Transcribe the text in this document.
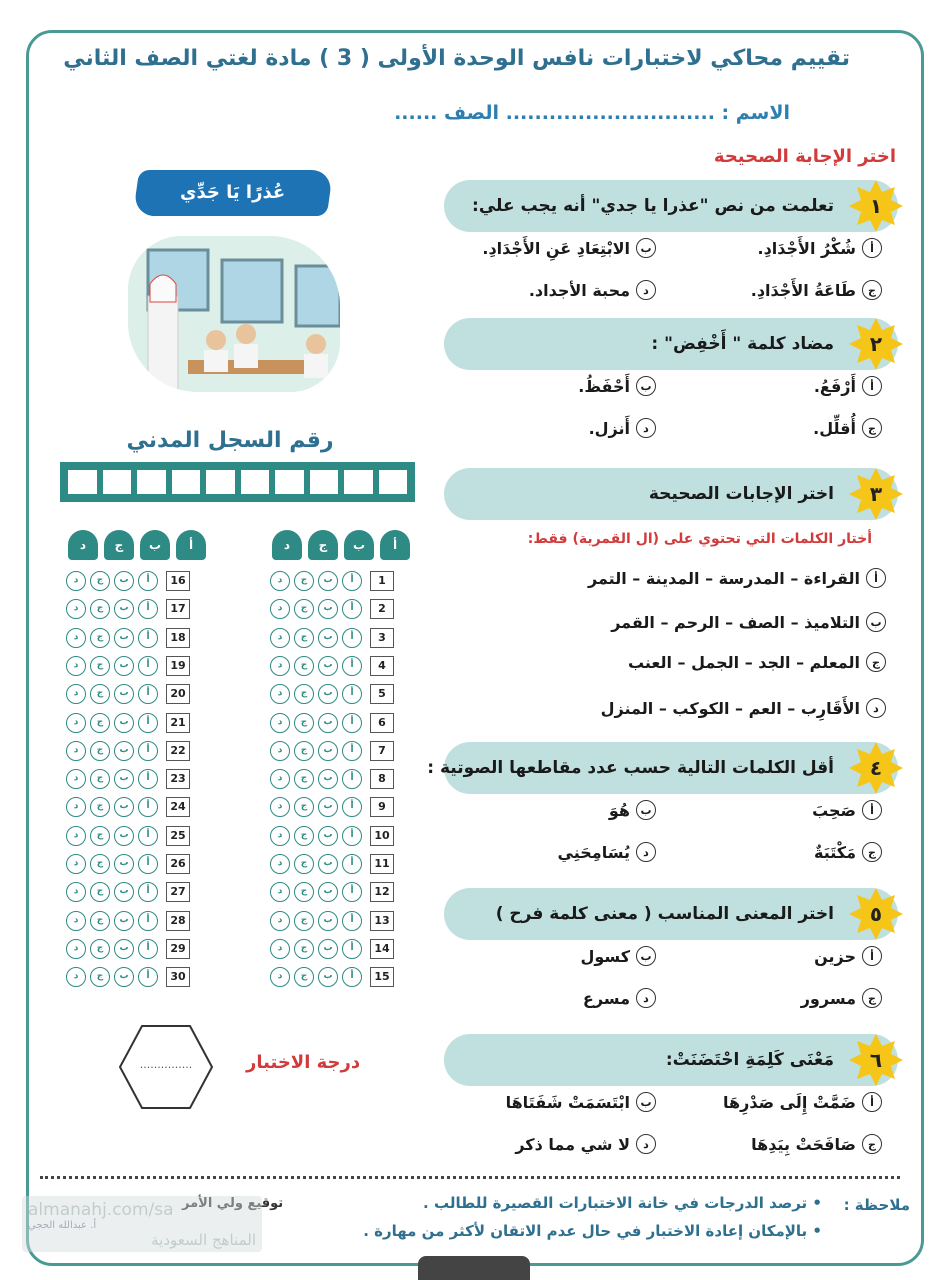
تقييم محاكي لاختبارات نافس الوحدة الأولى ( 3 ) مادة لغتي الصف الثاني
الاسم : ............................. الصف ......
اختر الإجابة الصحيحة
عُذرًا يَا جَدِّي
رقم السجل المدني
د	ج	ب	أ
د	ج	ب	أ	16
د	ج	ب	أ	17
د	ج	ب	أ	18
د	ج	ب	أ	19
د	ج	ب	أ	20
د	ج	ب	أ	21
د	ج	ب	أ	22
د	ج	ب	أ	23
د	ج	ب	أ	24
د	ج	ب	أ	25
د	ج	ب	أ	26
د	ج	ب	أ	27
د	ج	ب	أ	28
د	ج	ب	أ	29
د	ج	ب	أ	30
د	ج	ب	أ
د	ج	ب	أ	1
د	ج	ب	أ	2
د	ج	ب	أ	3
د	ج	ب	أ	4
د	ج	ب	أ	5
د	ج	ب	أ	6
د	ج	ب	أ	7
د	ج	ب	أ	8
د	ج	ب	أ	9
د	ج	ب	أ	10
د	ج	ب	أ	11
د	ج	ب	أ	12
د	ج	ب	أ	13
د	ج	ب	أ	14
د	ج	ب	أ	15
...............	درجة الاختبار
١
تعلمت من نص "عذرا يا جدي" أنه يجب علي:
أ
شُكْرُ الأَجْدَادِ.
ب
الابْتِعَادِ عَنِ الأَجْدَادِ.
ج
طَاعَةُ الأَجْدَادِ.
د
محبة الأجداد.
٢
مضاد كلمة " أَخْفِض" :
أ
أَرْفَعُ.
ب
أَحْفَظُ.
ج
أُقلِّل.
د
أَنزل.
٣
اختر الإجابات الصحيحة
أختار الكلمات التي تحتوي على (ال القمرية) فقط:
أ
القراءة – المدرسة – المدينة – التمر
ب
التلاميذ – الصف – الرحم – القمر
ج
المعلم – الجد – الجمل – العنب
د
الأَقَارِب – العم – الكوكب – المنزل
٤
أقل الكلمات التالية حسب عدد مقاطعها الصوتية :
أ
صَحِبَ
ب
هُوَ
ج
مَكْتَبَةٌ
د
يُسَامِحَنِي
٥
اختر المعنى المناسب ( معنى كلمة فرح )
أ
حزين
ب
كسول
ج
مسرور
د
مسرع
٦
مَعْنَى كَلِمَةِ احْتَضَنَتْ:
أ
ضَمَّتْ إِلَى صَدْرِهَا
ب
ابْتَسَمَتْ شَفَتَاهَا
ج
صَافَحَتْ بِيَدِهَا
د
لا شي مما ذكر
ملاحظة :
• ترصد الدرجات في خانة الاختبارات القصيرة للطالب .
• بالإمكان إعادة الاختبار في حال عدم الاتقان لأكثر من مهارة .
توقيع ولي الأمر
almanahj.com/sa
أ. عبدالله الحجي
المناهج السعودية
